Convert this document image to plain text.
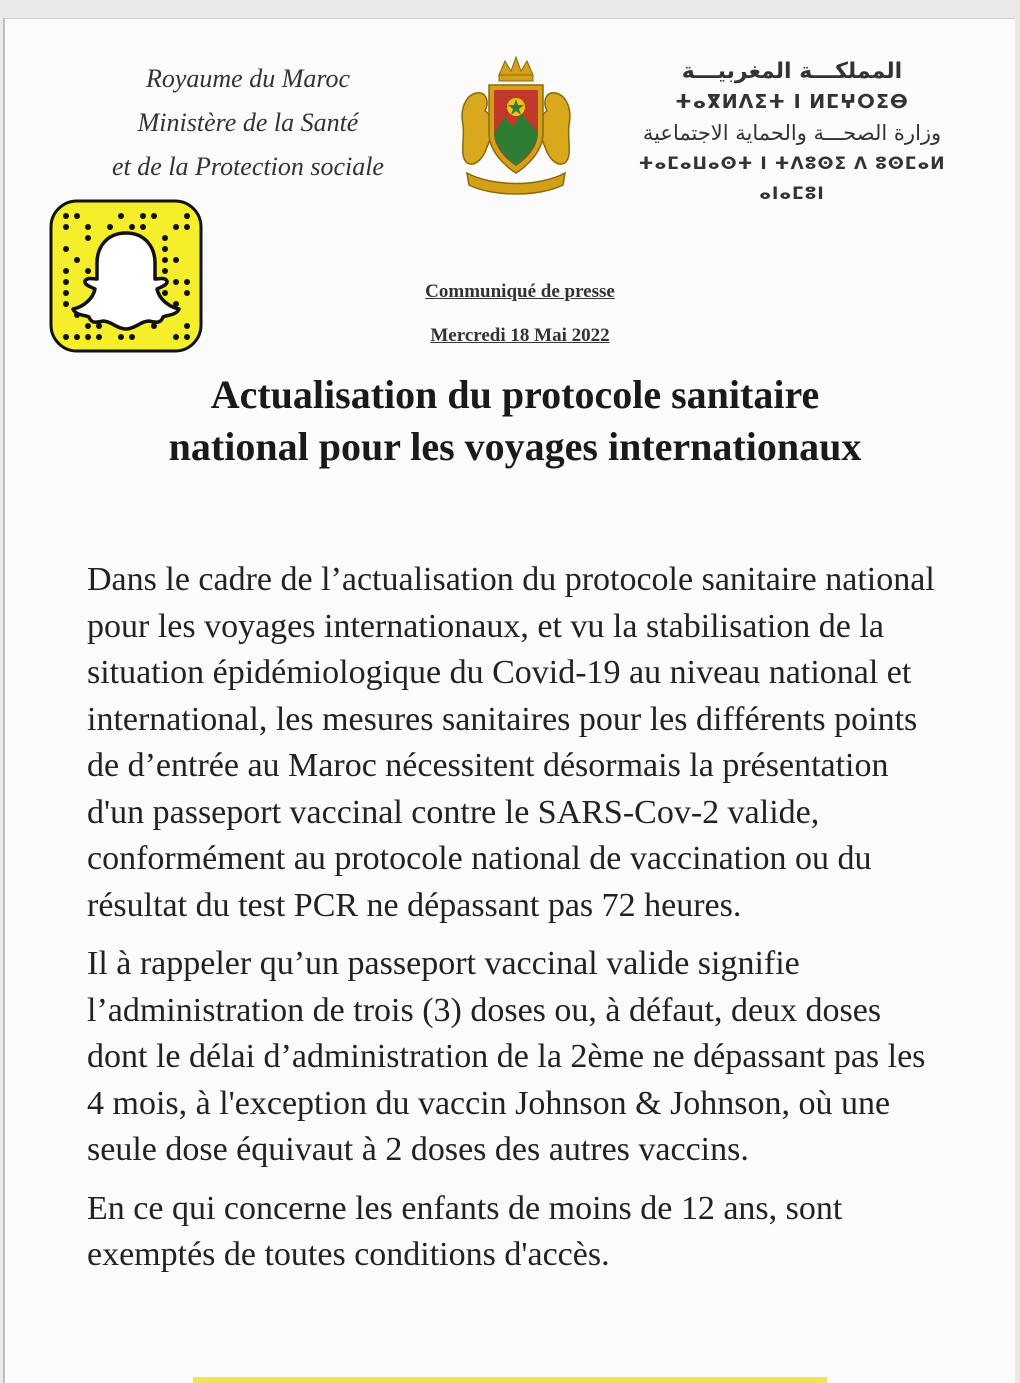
Royaume du Maroc
Ministère de la Santé
et de la Protection sociale
المملكـــة المغربيـــة
ⵜⴰⴳⵍⴷⵉⵜ ⵏ ⵍⵎⵖⵔⵉⴱ
وزارة الصحـــة والحماية الاجتماعية
ⵜⴰⵎⴰⵡⴰⵙⵜ ⵏ ⵜⴷⵓⵙⵉ ⴷ ⵓⵙⵎⴰⵍ ⴰⵏⴰⵎⵓⵏ
Communiqué de presse
Mercredi 18 Mai 2022
Actualisation du protocole sanitaire
national pour les voyages internationaux

Dans le cadre de l’actualisation du protocole sanitaire national pour les voyages internationaux, et vu la stabilisation de la situation épidémiologique du Covid-19 au niveau national et international, les mesures sanitaires pour les différents points de d’entrée au Maroc nécessitent désormais la présentation d'un passeport vaccinal contre le SARS-Cov-2 valide, conformément au protocole national de vaccination ou du résultat du test PCR ne dépassant pas 72 heures.

Il à rappeler qu’un passeport vaccinal valide signifie l’administration de trois (3) doses ou, à défaut, deux doses dont le délai d’administration de la 2ème ne dépassant pas les 4 mois, à l'exception du vaccin Johnson & Johnson, où une seule dose équivaut à 2 doses des autres vaccins.

En ce qui concerne les enfants de moins de 12 ans, sont exemptés de toutes conditions d'accès.
